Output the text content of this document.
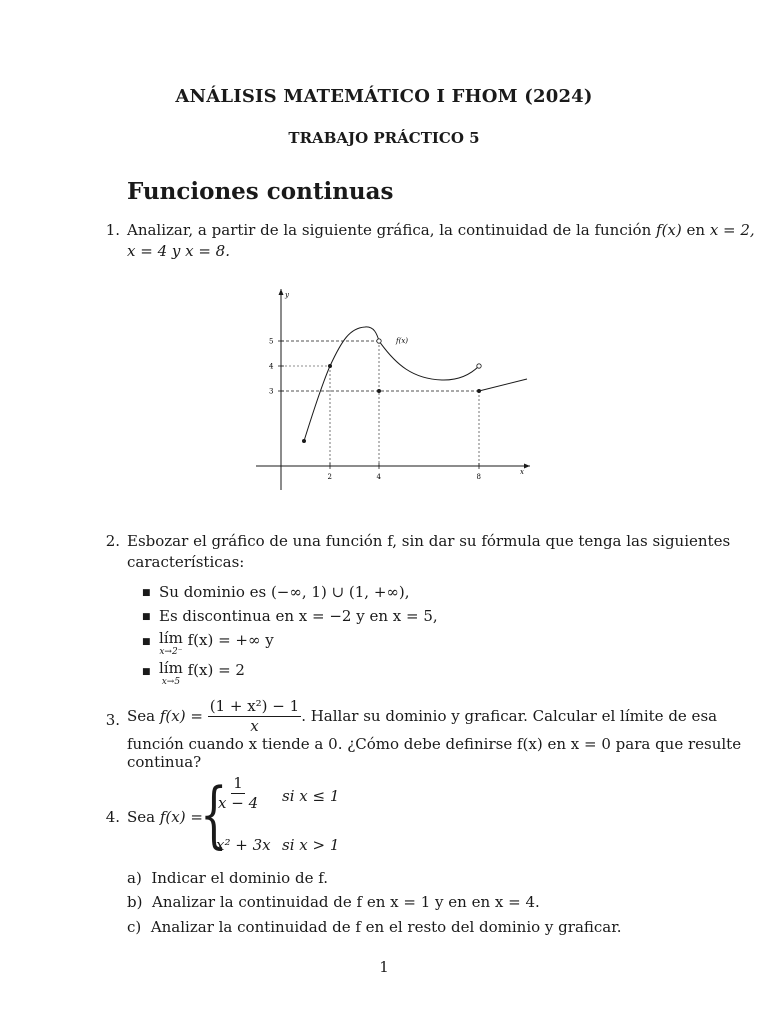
ANÁLISIS MATEMÁTICO I FHOM (2024)
TRABAJO PRÁCTICO 5
Funciones continuas
1. Analizar, a partir de la siguiente gráfica, la continuidad de la función f(x) en x = 2,
x = 4 y x = 8.
y
x
5
4
3
2	4	8
f(x)
2. Esbozar el gráfico de una función f, sin dar su fórmula que tenga las siguientes
características:
■ Su dominio es (−∞, 1) ∪ (1, +∞),
■ Es discontinua en x = −2 y en x = 5,
■ lím
x→2⁻
f(x) = +∞ y
■ lím
x→5
f(x) = 2
3. Sea $f(x) = \frac{\text{(1 + x²) − 1}}{x}$ . Hallar su dominio y graficar. Calcular el límite de esa
función cuando x tiende a 0. ¿Cómo debe definirse f(x) en x = 0 para que resulte
continua?
4. Sea f(x) =
{
$\frac{1}{x - 4}$ si x ≤ 1
x² + 3x si x > 1
a) Indicar el dominio de f.
b) Analizar la continuidad de f en x = 1 y en en x = 4.
c) Analizar la continuidad de f en el resto del dominio y graficar.
1
